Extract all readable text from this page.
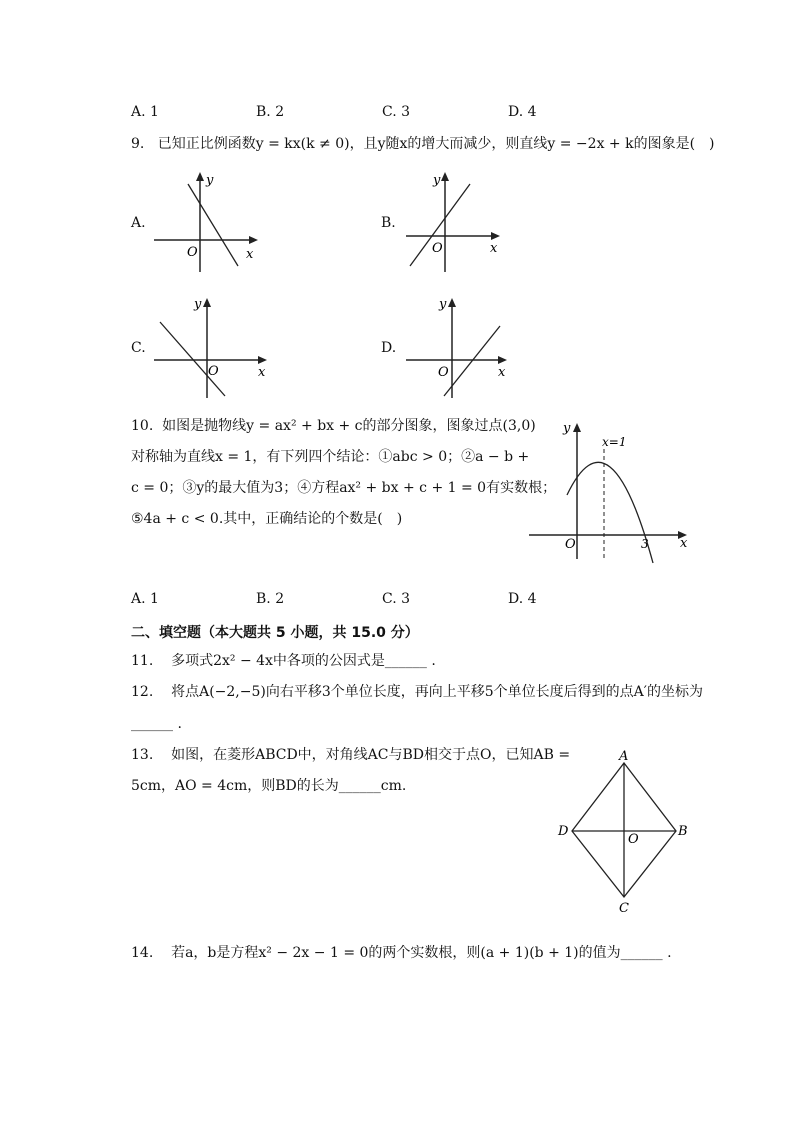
A. 1	B. 2	C. 3	D. 4
9. 已知正比例函数y = kx(k ≠ 0)，且y随x的增大而减少，则直线y = −2x + k的图象是(　)
A.	B.
C.	D.
y
x
O
y
x
O
y
x
O
y
x
O
10. 如图是抛物线y = ax² + bx + c的部分图象，图象过点(3,0)
对称轴为直线x = 1，有下列四个结论：①abc > 0；②a − b +
c = 0；③y的最大值为3；④方程ax² + bx + c + 1 = 0有实数根；
⑤4a + c < 0.其中，正确结论的个数是(　)
y
x
O
x=1
3
A. 1	B. 2	C. 3	D. 4
二、填空题（本大题共 5 小题，共 15.0 分）
11. 多项式2x² − 4x中各项的公因式是______ .
12. 将点A(−2,−5)向右平移3个单位长度，再向上平移5个单位长度后得到的点A′的坐标为
______ .
13. 如图，在菱形ABCD中，对角线AC与BD相交于点O，已知AB =
5cm，AO = 4cm，则BD的长为______cm.
A
B
C
D
O
14. 若a，b是方程x² − 2x − 1 = 0的两个实数根，则(a + 1)(b + 1)的值为______ .
